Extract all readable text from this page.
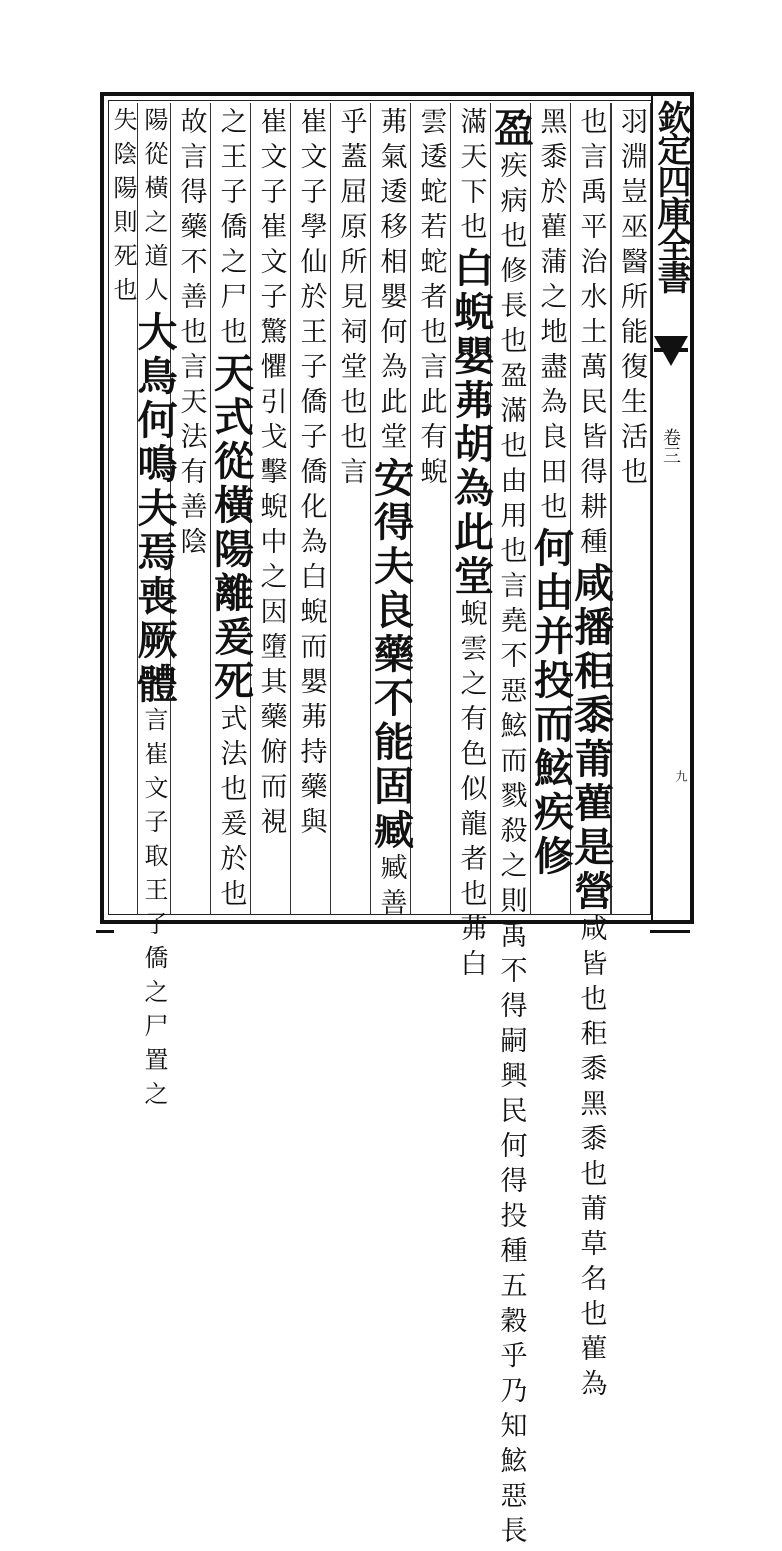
欽定四庫全書
卷三
九
羽淵豈巫醫所能復生活也
也言禹平治水土萬民皆得耕種咸播秬黍莆雚是營咸皆也秬黍黑黍也莆草名也雚為
黑黍於雚蒲之地盡為良田也何由并投而鮌疾修
盈疾病也修長也盈滿也由用也言堯不惡鮌而戮殺之則禹不得嗣興民何得投種五穀乎乃知鮌惡長
滿天下也白蜺嬰茀胡為此堂蜺雲之有色似龍者也茀白
雲逶蛇若蛇者也言此有蜺
茀氣逶移相嬰何為此堂安得夫良藥不能固臧臧善
乎蓋屈原所見祠堂也也言
崔文子學仙於王子僑子僑化為白蜺而嬰茀持藥與
崔文子崔文子驚懼引戈擊蜺中之因墮其藥俯而視
之王子僑之尸也天式從橫陽離爰死式法也爰於也
故言得藥不善也言天法有善陰
陽從橫之道人大鳥何鳴夫焉喪厥體言崔文子取王子僑之尸置之
失陰陽則死也
